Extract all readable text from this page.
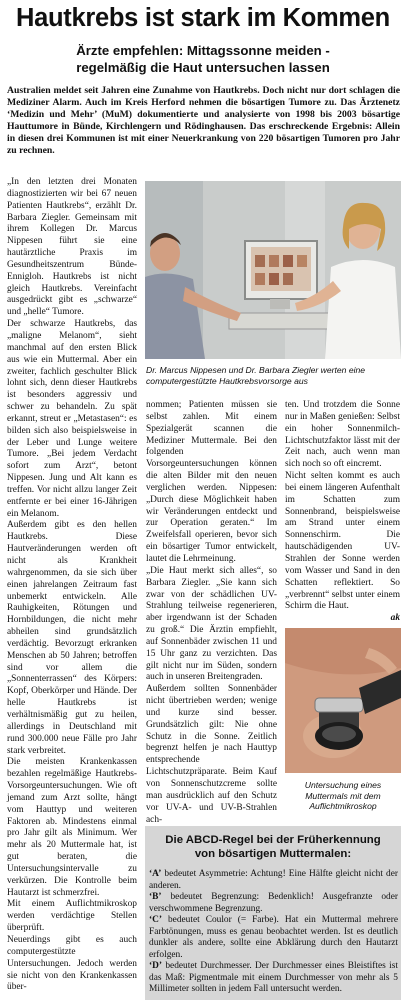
Hautkrebs ist stark im Kommen
Ärzte empfehlen: Mittagssonne meiden -
regelmäßig die Haut untersuchen lassen
Australien meldet seit Jahren eine Zunahme von Hautkrebs. Doch nicht nur dort schlagen die Mediziner Alarm. Auch im Kreis Herford nehmen die bösartigen Tumore zu. Das Ärztenetz ‘Medizin und Mehr’ (MuM) dokumentierte und analysierte von 1998 bis 2003 bösartige Hauttumore in Bünde, Kirchlengern und Rödinghausen. Das erschreckende Ergebnis: Allein in diesen drei Kommunen ist mit einer Neuerkrankung von 220 bösartigen Tumoren pro Jahr zu rechnen.

„In den letzten drei Monaten diagnostizierten wir bei 67 neuen Patienten Hautkrebs“, erzählt Dr. Barbara Ziegler. Gemeinsam mit ihrem Kollegen Dr. Marcus Nippesen führt sie eine hautärztliche Praxis im Gesundheitszentrum Bünde-Ennigloh. Hautkrebs ist nicht gleich Hautkrebs. Vereinfacht ausgedrückt gibt es „schwarze“ und „helle“ Tumore.

Der schwarze Hautkrebs, das „maligne Melanom“, sieht manchmal auf den ersten Blick aus wie ein Muttermal. Aber ein zweiter, fachlich geschulter Blick lohnt sich, denn dieser Hautkrebs ist besonders aggressiv und schwer zu behandeln. Zu spät erkannt, streut er „Metastasen“: es bilden sich also beispielsweise in der Leber und Lunge weitere Tumore. „Bei jedem Verdacht sofort zum Arzt“, betont Nippesen. Jung und Alt kann es treffen. Vor nicht allzu langer Zeit entfernte er bei einer 16-Jährigen ein Melanom.

Außerdem gibt es den hellen Hautkrebs. Diese Hautveränderungen werden oft nicht als Krankheit wahrgenommen, da sie sich über einen jahrelangen Zeitraum fast unbemerkt entwickeln. Alle Rauhigkeiten, Rötungen und Hornbildungen, die nicht mehr abheilen sind grundsätzlich verdächtig. Bevorzugt erkranken Menschen ab 50 Jahren; betroffen sind vor allem die „Sonnenterrassen“ des Körpers: Kopf, Oberkörper und Hände. Der helle Hautkrebs ist verhältnismäßig gut zu heilen, allerdings in Deutschland mit rund 300.000 neue Fälle pro Jahr stark verbreitet.

Die meisten Krankenkassen bezahlen regelmäßige Hautkrebs-Vorsorgeuntersuchungen. Wie oft jemand zum Arzt sollte, hängt vom Hauttyp und weiteren Faktoren ab. Mindestens einmal pro Jahr gilt als Minimum. Wer mehr als 20 Muttermale hat, ist gut beraten, die Untersuchungsintervalle zu verkürzen. Die Kontrolle beim Hautarzt ist schmerzfrei.

Mit einem Auflichtmikroskop werden verdächtige Stellen überprüft.

Neuerdings gibt es auch computergestützte Untersuchungen. Jedoch werden sie nicht von den Krankenkassen über-

Dr. Marcus Nippesen und Dr. Barbara Ziegler werten eine computergestützte Hautkrebsvorsorge aus

nommen; Patienten müssen sie selbst zahlen. Mit einem Spezialgerät scannen die Mediziner Muttermale. Bei den folgenden Vorsorgeuntersuchungen können die alten Bilder mit den neuen verglichen werden. Nippesen: „Durch diese Möglichkeit haben wir Veränderungen entdeckt und zur Operation geraten.“ Im Zweifelsfall operieren, bevor sich ein bösartiger Tumor entwickelt, lautet die Lehrmeinung.

„Die Haut merkt sich alles“, so Barbara Ziegler. „Sie kann sich zwar von der schädlichen UV-Strahlung teilweise regenerieren, aber irgendwann ist der Schaden zu groß.“ Die Ärztin empfiehlt, auf Sonnenbäder zwischen 11 und 15 Uhr ganz zu verzichten. Das gilt nicht nur im Süden, sondern auch in unseren Breitengraden.

Außerdem sollten Sonnenbäder nicht übertrieben werden; wenige und kurze sind besser. Grundsätzlich gilt: Nie ohne Schutz in die Sonne. Zeitlich begrenzt helfen je nach Hauttyp entsprechende Lichtschutzpräparate. Beim Kauf von Sonnenschutzcreme sollte man ausdrücklich auf den Schutz vor UV-A- und UV-B-Strahlen ach-

ten. Und trotzdem die Sonne nur in Maßen genießen: Selbst ein hoher Sonnenmilch-Lichtschutzfaktor lässt mit der Zeit nach, auch wenn man sich noch so oft eincremt.

Nicht selten kommt es auch bei einem längeren Aufenthalt im Schatten zum Sonnenbrand, beispielsweise am Strand unter einem Sonnenschirm. Die hautschädigenden UV-Strahlen der Sonne werden vom Wasser und Sand in den Schatten reflektiert. So „verbrennt“ selbst unter einem Schirm die Haut.

ak

Untersuchung eines Muttermals mit dem Auflichtmikroskop
Die ABCD-Regel bei der Früherkennung
von bösartigen Muttermalen:

‘A’ bedeutet Asymmetrie: Achtung! Eine Hälfte gleicht nicht der anderen.

‘B’ bedeutet Begrenzung: Bedenklich! Ausgefranzte oder verschwommene Begrenzung.

‘C’ bedeutet Coulor (= Farbe). Hat ein Muttermal mehrere Farbtönungen, muss es genau beobachtet werden. Ist es deutlich dunkler als andere, sollte eine Abklärung durch den Hautarzt erfolgen.

‘D’ bedeutet Durchmesser. Der Durchmesser eines Bleistiftes ist das Maß: Pigmentmale mit einem Durchmesser von mehr als 5 Millimeter sollten in jedem Fall untersucht werden.
